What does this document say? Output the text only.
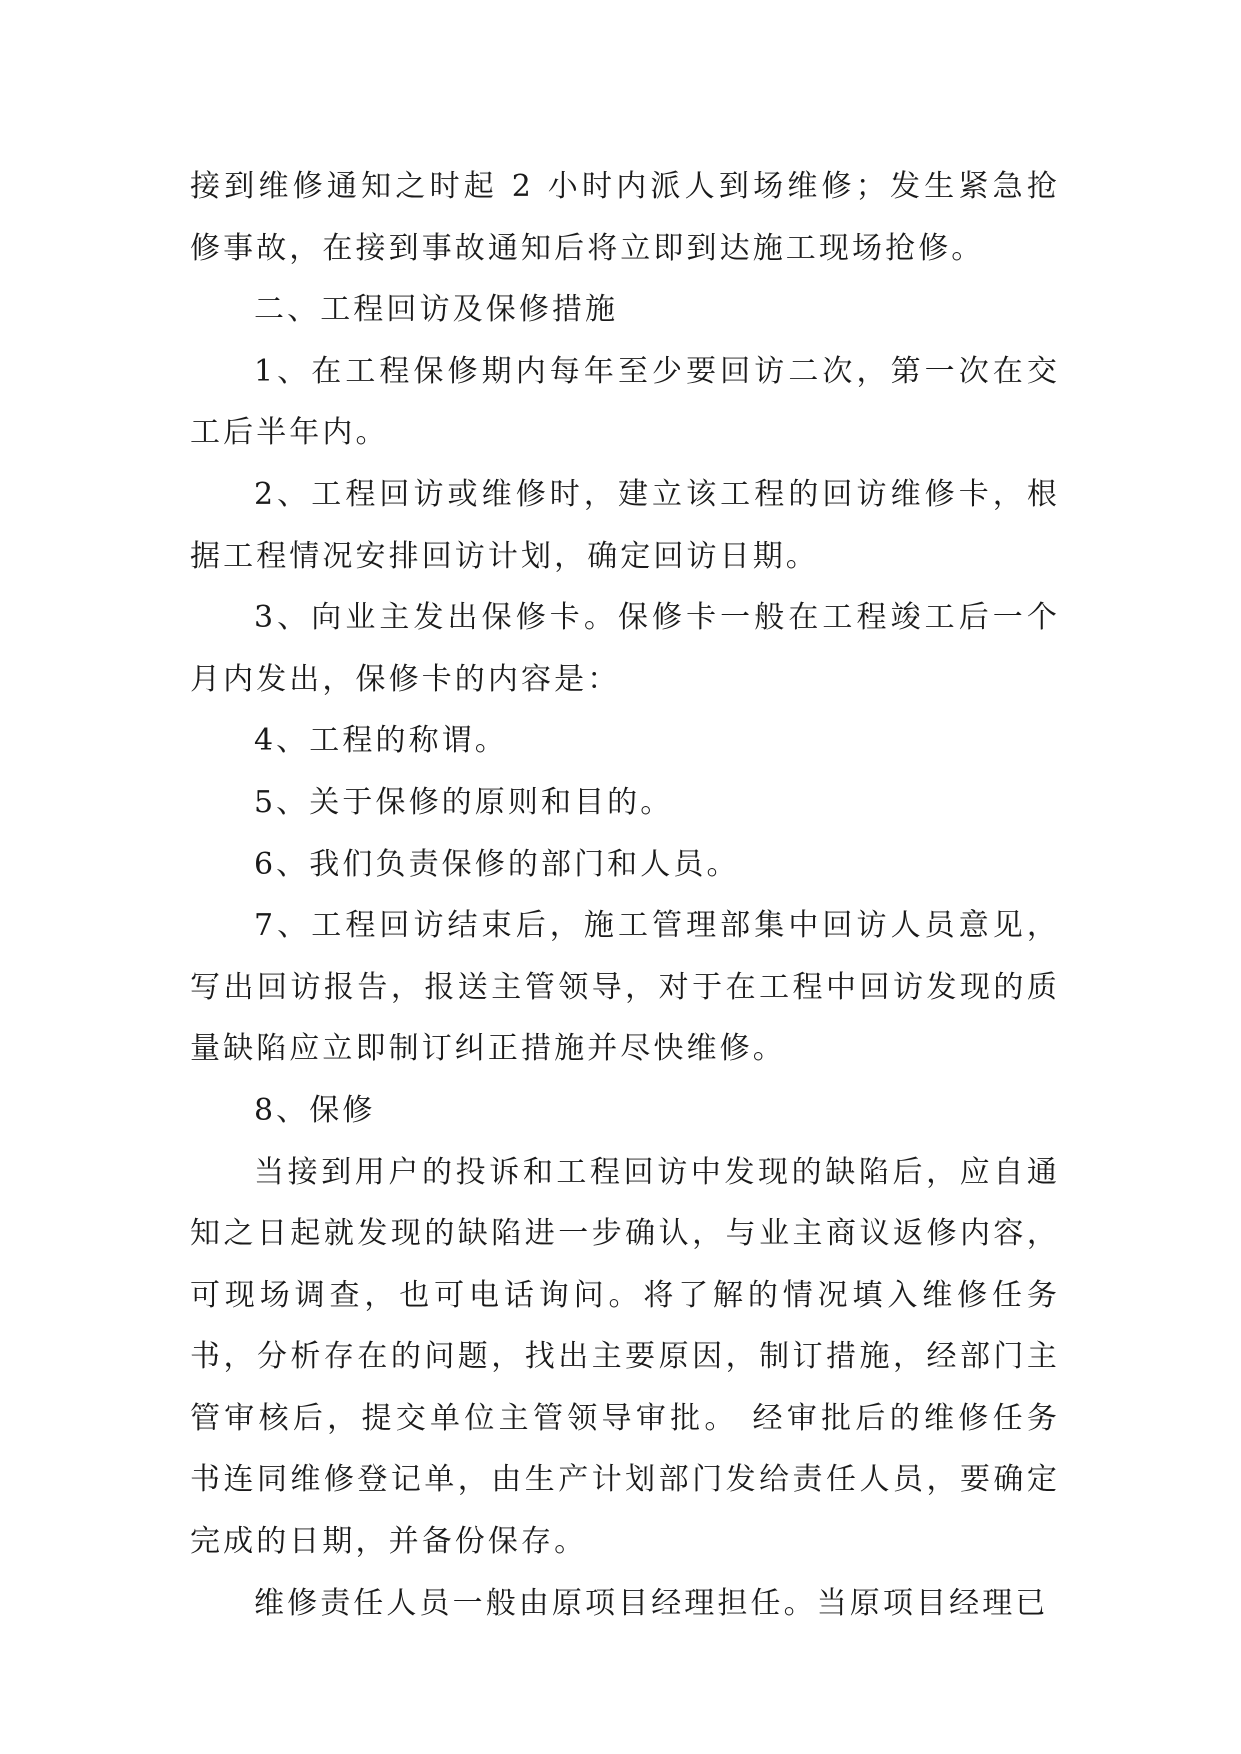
接到维修通知之时起 2 小时内派人到场维修；发生紧急抢修事故，在接到事故通知后将立即到达施工现场抢修。

二、工程回访及保修措施

1、在工程保修期内每年至少要回访二次，第一次在交工后半年内。

2、工程回访或维修时，建立该工程的回访维修卡，根据工程情况安排回访计划，确定回访日期。

3、向业主发出保修卡。保修卡一般在工程竣工后一个月内发出，保修卡的内容是：

4、工程的称谓。

5、关于保修的原则和目的。

6、我们负责保修的部门和人员。

7、工程回访结束后，施工管理部集中回访人员意见，写出回访报告，报送主管领导，对于在工程中回访发现的质量缺陷应立即制订纠正措施并尽快维修。

8、保修

当接到用户的投诉和工程回访中发现的缺陷后，应自通知之日起就发现的缺陷进一步确认，与业主商议返修内容，可现场调查，也可电话询问。将了解的情况填入维修任务书，分析存在的问题，找出主要原因，制订措施，经部门主管审核后，提交单位主管领导审批。 经审批后的维修任务书连同维修登记单，由生产计划部门发给责任人员，要确定完成的日期，并备份保存。

维修责任人员一般由原项目经理担任。当原项目经理已
